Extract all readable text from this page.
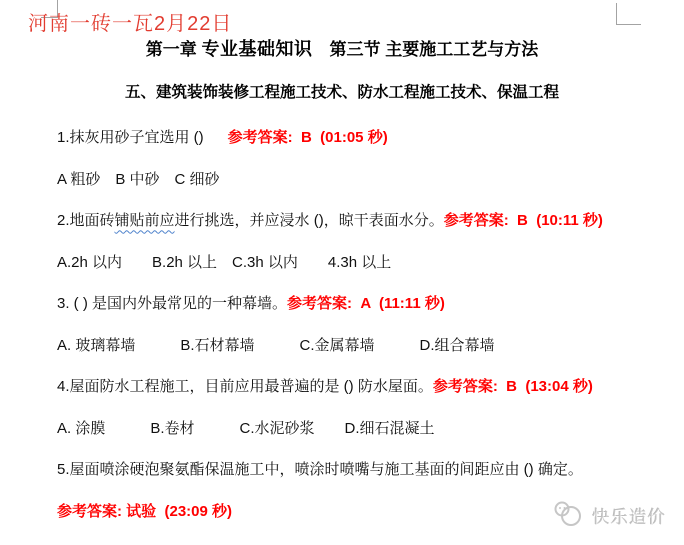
河南一砖一瓦2月22日
第一章 专业基础知识　第三节 主要施工工艺与方法
五、建筑装饰装修工程施工技术、防水工程施工技术、保温工程
1.抹灰用砂子宜选用 () 参考答案:  B  (01:05 秒)
A 粗砂　B 中砂　C 细砂
2.地面砖 铺贴前应 进行挑选，并应浸水 ()，晾干表面水分。 参考答案:  B  (10:11 秒)
A.2h 以内　　B.2h 以上　C.3h 以内　　4.3h 以上
3. ( ) 是国内外最常见的一种幕墙。 参考答案:  A  (11:11 秒)
A. 玻璃幕墙　　　B.石材幕墙　　　C.金属幕墙　　　D.组合幕墙
4.屋面防水工程施工，目前应用最普遍的是 () 防水屋面。 参考答案:  B  (13:04 秒)
A. 涂膜　　　B.卷材　　　C.水泥砂浆　　D.细石混凝土
5.屋面喷涂硬泡聚氨酯保温施工中，喷涂时喷嘴与施工基面的间距应由 () 确定。
参考答案: 试验  (23:09 秒)	快乐造价
